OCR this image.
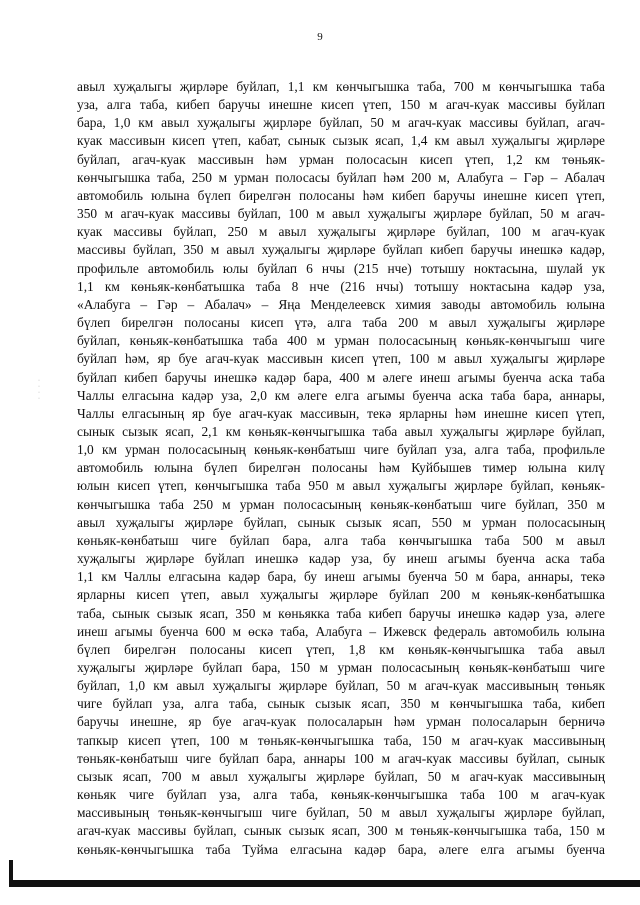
9
авыл хуҗалыгы җирләре буйлап, 1,1 км көнчыгышка таба, 700 м көнчыгышка таба
уза, алга таба, кибеп баручы инешне кисеп үтеп, 150 м агач-куак массивы буйлап
бара, 1,0 км авыл хуҗалыгы җирләре буйлап, 50 м агач-куак массивы буйлап, агач-
куак массивын кисеп үтеп, кабат, сынык сызык ясап, 1,4 км авыл хуҗалыгы җирләре
буйлап, агач-куак массивын һәм урман полосасын кисеп үтеп, 1,2 км төньяк-
көнчыгышка таба, 250 м урман полосасы буйлап һәм 200 м, Алабуга – Гәр – Абалач
автомобиль юлына бүлеп бирелгән полосаны һәм кибеп баручы инешне кисеп үтеп,
350 м агач-куак массивы буйлап, 100 м авыл хуҗалыгы җирләре буйлап, 50 м агач-
куак массивы буйлап, 250 м авыл хуҗалыгы җирләре буйлап, 100 м агач-куак
массивы буйлап, 350 м авыл хуҗалыгы җирләре буйлап кибеп баручы инешкә кадәр,
профильле автомобиль юлы буйлап 6 нчы (215 нче) тотышу ноктасына, шулай ук
1,1 км көньяк-көнбатышка таба 8 нче (216 нчы) тотышу ноктасына кадәр уза,
«Алабуга – Гәр – Абалач» – Яңа Менделеевск химия заводы автомобиль юлына
бүлеп бирелгән полосаны кисеп үтә, алга таба 200 м авыл хуҗалыгы җирләре
буйлап, көньяк-көнбатышка таба 400 м урман полосасының көньяк-көнчыгыш чиге
буйлап һәм, яр буе агач-куак массивын кисеп үтеп, 100 м авыл хуҗалыгы җирләре
буйлап кибеп баручы инешкә кадәр бара, 400 м әлеге инеш агымы буенча аска таба
Чаллы елгасына кадәр уза, 2,0 км әлеге елга агымы буенча аска таба бара, аннары,
Чаллы елгасының яр буе агач-куак массивын, текә ярларны һәм инешне кисеп үтеп,
сынык сызык ясап, 2,1 км көньяк-көнчыгышка таба авыл хуҗалыгы җирләре буйлап,
1,0 км урман полосасының көньяк-көнбатыш чиге буйлап уза, алга таба, профильле
автомобиль юлына бүлеп бирелгән полосаны һәм Куйбышев тимер юлына килү
юлын кисеп үтеп, көнчыгышка таба 950 м авыл хуҗалыгы җирләре буйлап, көньяк-
көнчыгышка таба 250 м урман полосасының көньяк-көнбатыш чиге буйлап, 350 м
авыл хуҗалыгы җирләре буйлап, сынык сызык ясап, 550 м урман полосасының
көньяк-көнбатыш чиге буйлап бара, алга таба көнчыгышка таба 500 м авыл
хуҗалыгы җирләре буйлап инешкә кадәр уза, бу инеш агымы буенча аска таба
1,1 км Чаллы елгасына кадәр бара, бу инеш агымы буенча 50 м бара, аннары, текә
ярларны кисеп үтеп, авыл хуҗалыгы җирләре буйлап 200 м көньяк-көнбатышка
таба, сынык сызык ясап, 350 м көньякка таба кибеп баручы инешкә кадәр уза, әлеге
инеш агымы буенча 600 м өскә таба, Алабуга – Ижевск федераль автомобиль юлына
бүлеп бирелгән полосаны кисеп үтеп, 1,8 км көньяк-көнчыгышка таба авыл
хуҗалыгы җирләре буйлап бара, 150 м урман полосасының көньяк-көнбатыш чиге
буйлап, 1,0 км авыл хуҗалыгы җирләре буйлап, 50 м агач-куак массивының төньяк
чиге буйлап уза, алга таба, сынык сызык ясап, 350 м көнчыгышка таба, кибеп
баручы инешне, яр буе агач-куак полосаларын һәм урман полосаларын берничә
тапкыр кисеп үтеп, 100 м төньяк-көнчыгышка таба, 150 м агач-куак массивының
төньяк-көнбатыш чиге буйлап бара, аннары 100 м агач-куак массивы буйлап, сынык
сызык ясап, 700 м авыл хуҗалыгы җирләре буйлап, 50 м агач-куак массивының
көньяк чиге буйлап уза, алга таба, көньяк-көнчыгышка таба 100 м агач-куак
массивының төньяк-көнчыгыш чиге буйлап, 50 м авыл хуҗалыгы җирләре буйлап,
агач-куак массивы буйлап, сынык сызык ясап, 300 м төньяк-көнчыгышка таба, 150 м
көньяк-көнчыгышка таба Туйма елгасына кадәр бара, әлеге елга агымы буенча
·
·
·
·
